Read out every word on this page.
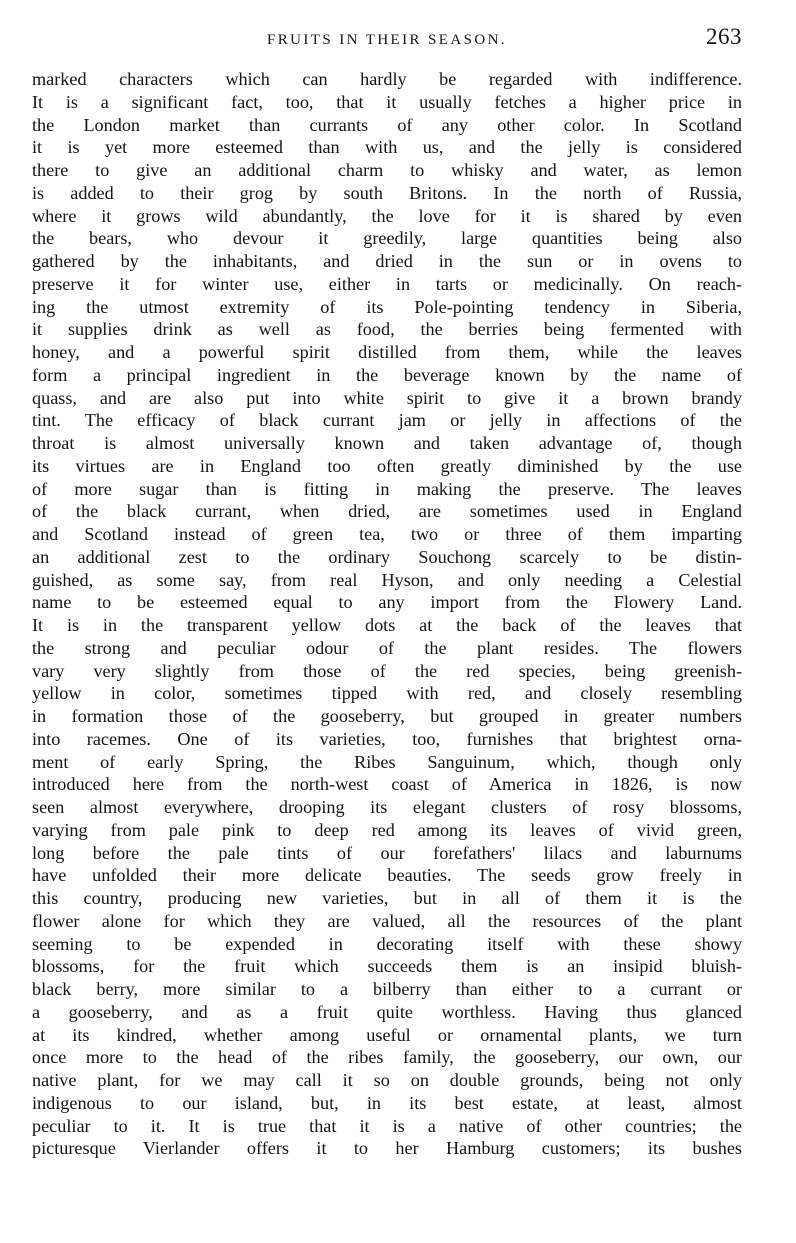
FRUITS IN THEIR SEASON.	263
marked characters which can hardly be regarded with indifference.
It is a significant fact, too, that it usually fetches a higher price in
the London market than currants of any other color. In Scotland
it is yet more esteemed than with us, and the jelly is considered
there to give an additional charm to whisky and water, as lemon
is added to their grog by south Britons. In the north of Russia,
where it grows wild abundantly, the love for it is shared by even
the bears, who devour it greedily, large quantities being also
gathered by the inhabitants, and dried in the sun or in ovens to
preserve it for winter use, either in tarts or medicinally. On reach-
ing the utmost extremity of its Pole-pointing tendency in Siberia,
it supplies drink as well as food, the berries being fermented with
honey, and a powerful spirit distilled from them, while the leaves
form a principal ingredient in the beverage known by the name of
quass, and are also put into white spirit to give it a brown brandy
tint. The efficacy of black currant jam or jelly in affections of the
throat is almost universally known and taken advantage of, though
its virtues are in England too often greatly diminished by the use
of more sugar than is fitting in making the preserve. The leaves
of the black currant, when dried, are sometimes used in England
and Scotland instead of green tea, two or three of them imparting
an additional zest to the ordinary Souchong scarcely to be distin-
guished, as some say, from real Hyson, and only needing a Celestial
name to be esteemed equal to any import from the Flowery Land.
It is in the transparent yellow dots at the back of the leaves that
the strong and peculiar odour of the plant resides. The flowers
vary very slightly from those of the red species, being greenish-
yellow in color, sometimes tipped with red, and closely resembling
in formation those of the gooseberry, but grouped in greater numbers
into racemes. One of its varieties, too, furnishes that brightest orna-
ment of early Spring, the Ribes Sanguinum, which, though only
introduced here from the north-west coast of America in 1826, is now
seen almost everywhere, drooping its elegant clusters of rosy blossoms,
varying from pale pink to deep red among its leaves of vivid green,
long before the pale tints of our forefathers' lilacs and laburnums
have unfolded their more delicate beauties. The seeds grow freely in
this country, producing new varieties, but in all of them it is the
flower alone for which they are valued, all the resources of the plant
seeming to be expended in decorating itself with these showy
blossoms, for the fruit which succeeds them is an insipid bluish-
black berry, more similar to a bilberry than either to a currant or
a gooseberry, and as a fruit quite worthless. Having thus glanced
at its kindred, whether among useful or ornamental plants, we turn
once more to the head of the ribes family, the gooseberry, our own, our
native plant, for we may call it so on double grounds, being not only
indigenous to our island, but, in its best estate, at least, almost
peculiar to it. It is true that it is a native of other countries; the
picturesque Vierlander offers it to her Hamburg customers; its bushes
